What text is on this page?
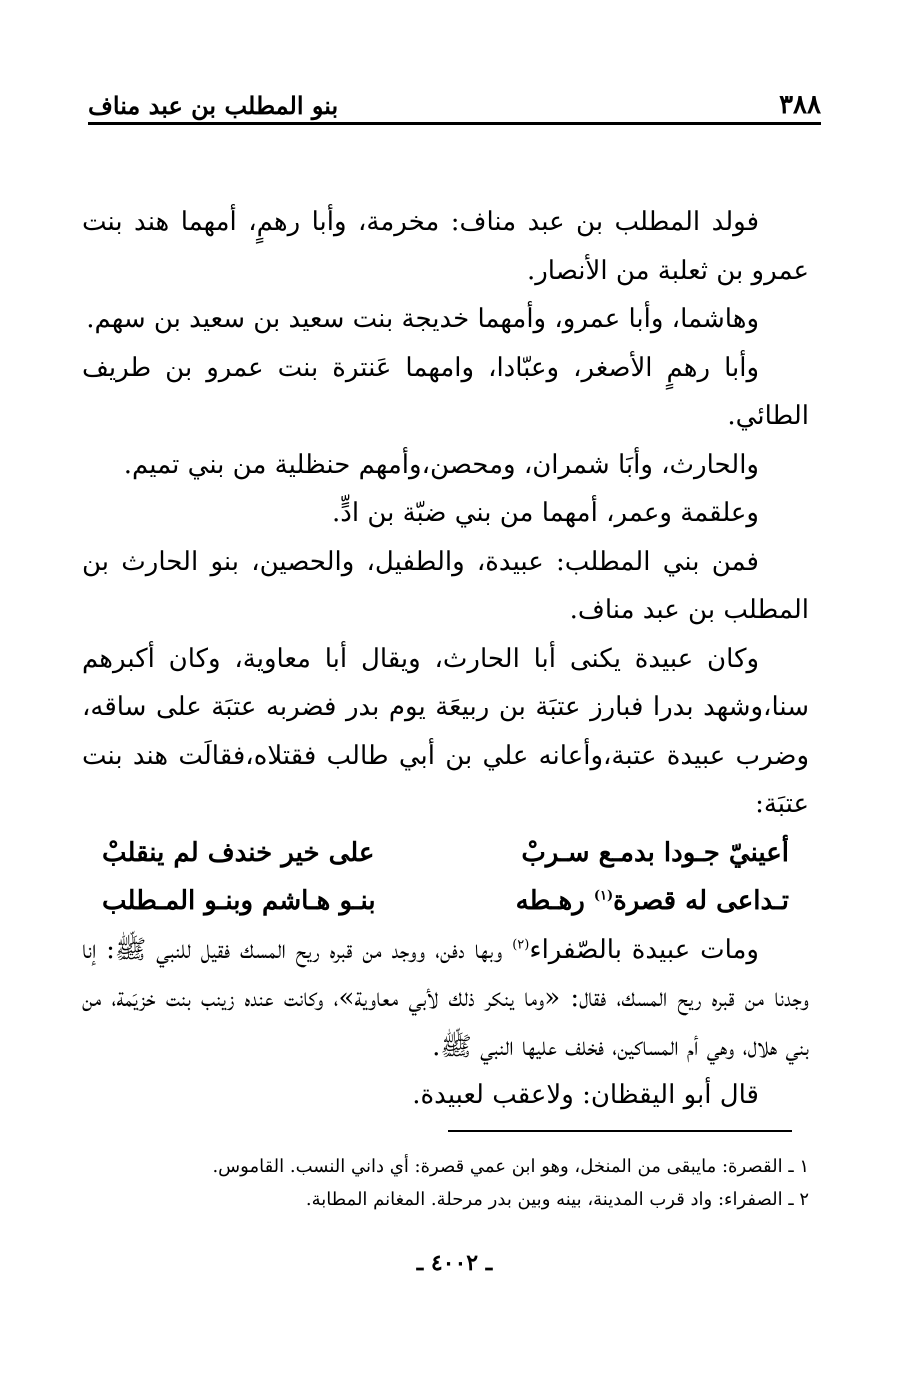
٣٨٨
بنو المطلب بن عبد مناف

فولد المطلب بن عبد مناف: مخرمة، وأبا رهمٍ، أمهما هند بنت عمرو بن ثعلبة من الأنصار.

وهاشما، وأبا عمرو، وأمهما خديجة بنت سعيد بن سعيد بن سهم.

وأبا رهمٍ الأصغر، وعبّادا، وامهما عَنترة بنت عمرو بن طريف الطائي.

والحارث، وأبَا شمران، ومحصن،وأمهم حنظلية من بني تميم.

وعلقمة وعمر، أمهما من بني ضبّة بن ادٍّ.

فمن بني المطلب: عبيدة، والطفيل، والحصين، بنو الحارث بن المطلب بن عبد مناف.

وكان عبيدة يكنى أبا الحارث، ويقال أبا معاوية، وكان أكبرهم سنا،وشهد بدرا فبارز عتبَة بن ربيعَة يوم بدر فضربه عتبَة على ساقه، وضرب عبيدة عتبة،وأعانه علي بن أبي طالب فقتلاه،فقالَت هند بنت عتبَة:

أعينيّ جـودا بدمـع سـربْ
على خير خندف لم ينقلبْ
تـداعى له قصرة$^{(١)}$ رهـطه
بنـو هـاشم وبنـو المـطلب

ومات عبيدة بالصّفراء$^{(٢)}$ وبها دفن، ووجد من قبره ريح المسك فقيل للنبي ﷺ: إنا وجدنا من قبره ريح المسك، فقال: «وما ينكر ذلك لأبي معاوية»، وكانت عنده زينب بنت خزيَمة، من بني هلال، وهي أم المساكين، فخلف عليها النبي ﷺ.

قال أبو اليقظان: ولاعقب لعبيدة.

١ ـ القصرة: مايبقى من المنخل، وهو ابن عمي قصرة: أي داني النسب. القاموس.

٢ ـ الصفراء: واد قرب المدينة، بينه وبين بدر مرحلة. المغانم المطابة.

ـ ٤٠٠٢ ـ
